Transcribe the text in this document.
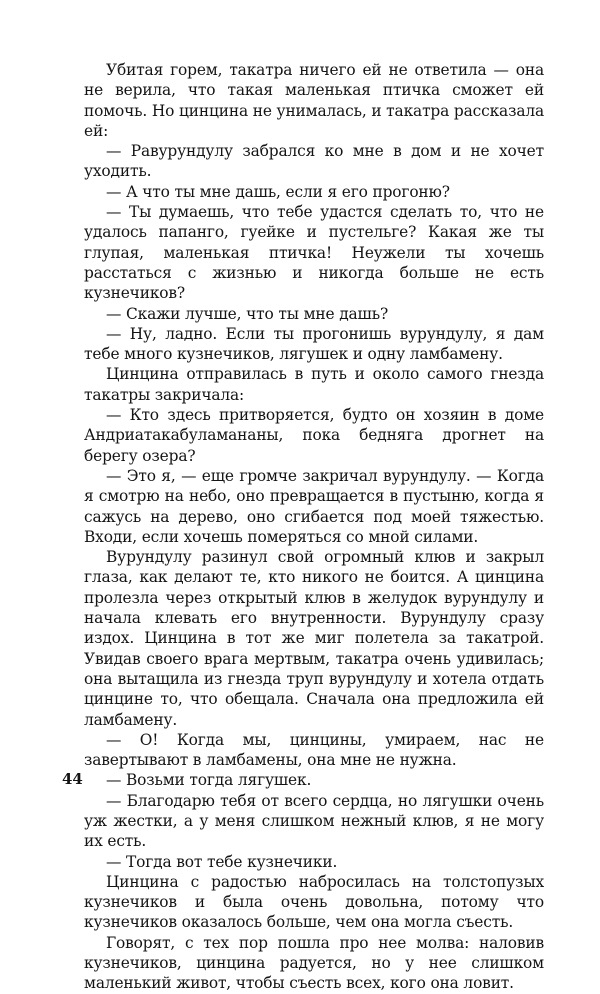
Убитая горем, такатра ничего ей не ответила — она не верила, что такая маленькая птичка сможет ей помочь. Но цинцина не унималась, и такатра рассказала ей:

— Равурундулу забрался ко мне в дом и не хочет уходить.

— А что ты мне дашь, если я его прогоню?

— Ты думаешь, что тебе удастся сделать то, что не удалось папанго, гуейке и пустельге? Какая же ты глупая, маленькая птичка! Неужели ты хочешь расстаться с жизнью и никогда больше не есть кузнечиков?

— Скажи лучше, что ты мне дашь?

— Ну, ладно. Если ты прогонишь вурундулу, я дам тебе много кузнечиков, лягушек и одну ламбамену.

Цинцина отправилась в путь и около самого гнезда такатры закричала:

— Кто здесь притворяется, будто он хозяин в доме Андриатакабуламананы, пока бедняга дрогнет на берегу озера?

— Это я, — еще громче закричал вурундулу. — Когда я смотрю на небо, оно превращается в пустыню, когда я сажусь на дерево, оно сгибается под моей тяжестью. Входи, если хочешь померяться со мной силами.

Вурундулу разинул свой огромный клюв и закрыл глаза, как делают те, кто никого не боится. А цинцина пролезла через открытый клюв в желудок вурундулу и начала клевать его внутренности. Вурундулу сразу издох. Цинцина в тот же миг полетела за такатрой. Увидав своего врага мертвым, такатра очень удивилась; она вытащила из гнезда труп вурундулу и хотела отдать цинцине то, что обещала. Сначала она предложила ей ламбамену.

— О! Когда мы, цинцины, умираем, нас не завертывают в ламбамены, она мне не нужна.

— Возьми тогда лягушек.

— Благодарю тебя от всего сердца, но лягушки очень уж жестки, а у меня слишком нежный клюв, я не могу их есть.

— Тогда вот тебе кузнечики.

Цинцина с радостью набросилась на толстопузых кузнечиков и была очень довольна, потому что кузнечиков оказалось больше, чем она могла съесть.

Говорят, с тех пор пошла про нее молва: наловив кузнечиков, цинцина радуется, но у нее слишком маленький живот, чтобы съесть всех, кого она ловит.

44
